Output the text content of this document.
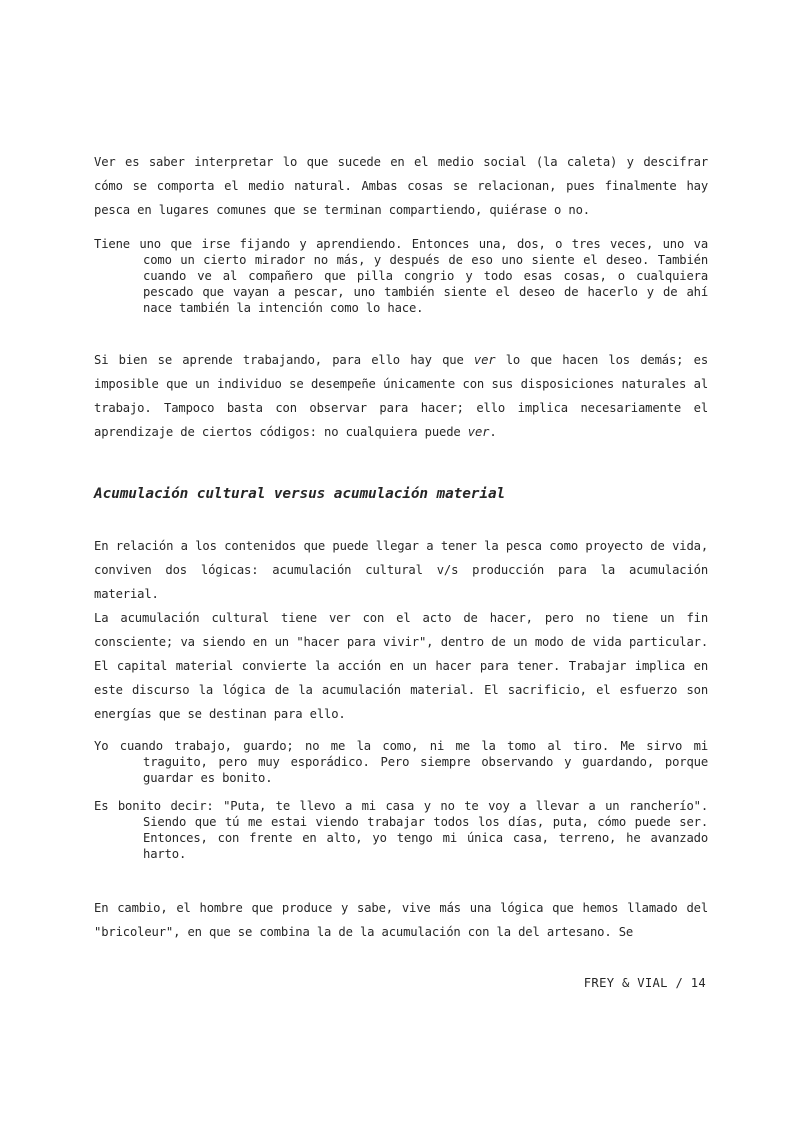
Ver es saber interpretar lo que sucede en el medio social (la caleta) y descifrar cómo se comporta el medio natural. Ambas cosas se relacionan, pues finalmente hay pesca en lugares comunes que se terminan compartiendo, quiérase o no.

Tiene uno que irse fijando y aprendiendo. Entonces una, dos, o tres veces, uno va como un cierto mirador no más, y después de eso uno siente el deseo. También cuando ve al compañero que pilla congrio y todo esas cosas, o cualquiera pescado que vayan a pescar, uno también siente el deseo de hacerlo y de ahí nace también la intención como lo hace.

Si bien se aprende trabajando, para ello hay que ver lo que hacen los demás; es imposible que un individuo se desempeñe únicamente con sus disposiciones naturales al trabajo. Tampoco basta con observar para hacer; ello implica necesariamente el aprendizaje de ciertos códigos: no cualquiera puede ver.

Acumulación cultural versus acumulación material

En relación a los contenidos que puede llegar a tener la pesca como proyecto de vida, conviven dos lógicas: acumulación cultural v/s producción para la acumulación material.

La acumulación cultural tiene ver con el acto de hacer, pero no tiene un fin consciente; va siendo en un "hacer para vivir", dentro de un modo de vida particular. El capital material convierte la acción en un hacer para tener. Trabajar implica en este discurso la lógica de la acumulación material. El sacrificio, el esfuerzo son energías que se destinan para ello.

Yo cuando trabajo, guardo; no me la como, ni me la tomo al tiro. Me sirvo mi traguito, pero muy esporádico. Pero siempre observando y guardando, porque guardar es bonito.

Es bonito decir: "Puta, te llevo a mi casa y no te voy a llevar a un rancherío". Siendo que tú me estai viendo trabajar todos los días, puta, cómo puede ser. Entonces, con frente en alto, yo tengo mi única casa, terreno, he avanzado harto.

En cambio, el hombre que produce y sabe, vive más una lógica que hemos llamado del "bricoleur", en que se combina la de la acumulación con la del artesano. Se

FREY & VIAL / 14
